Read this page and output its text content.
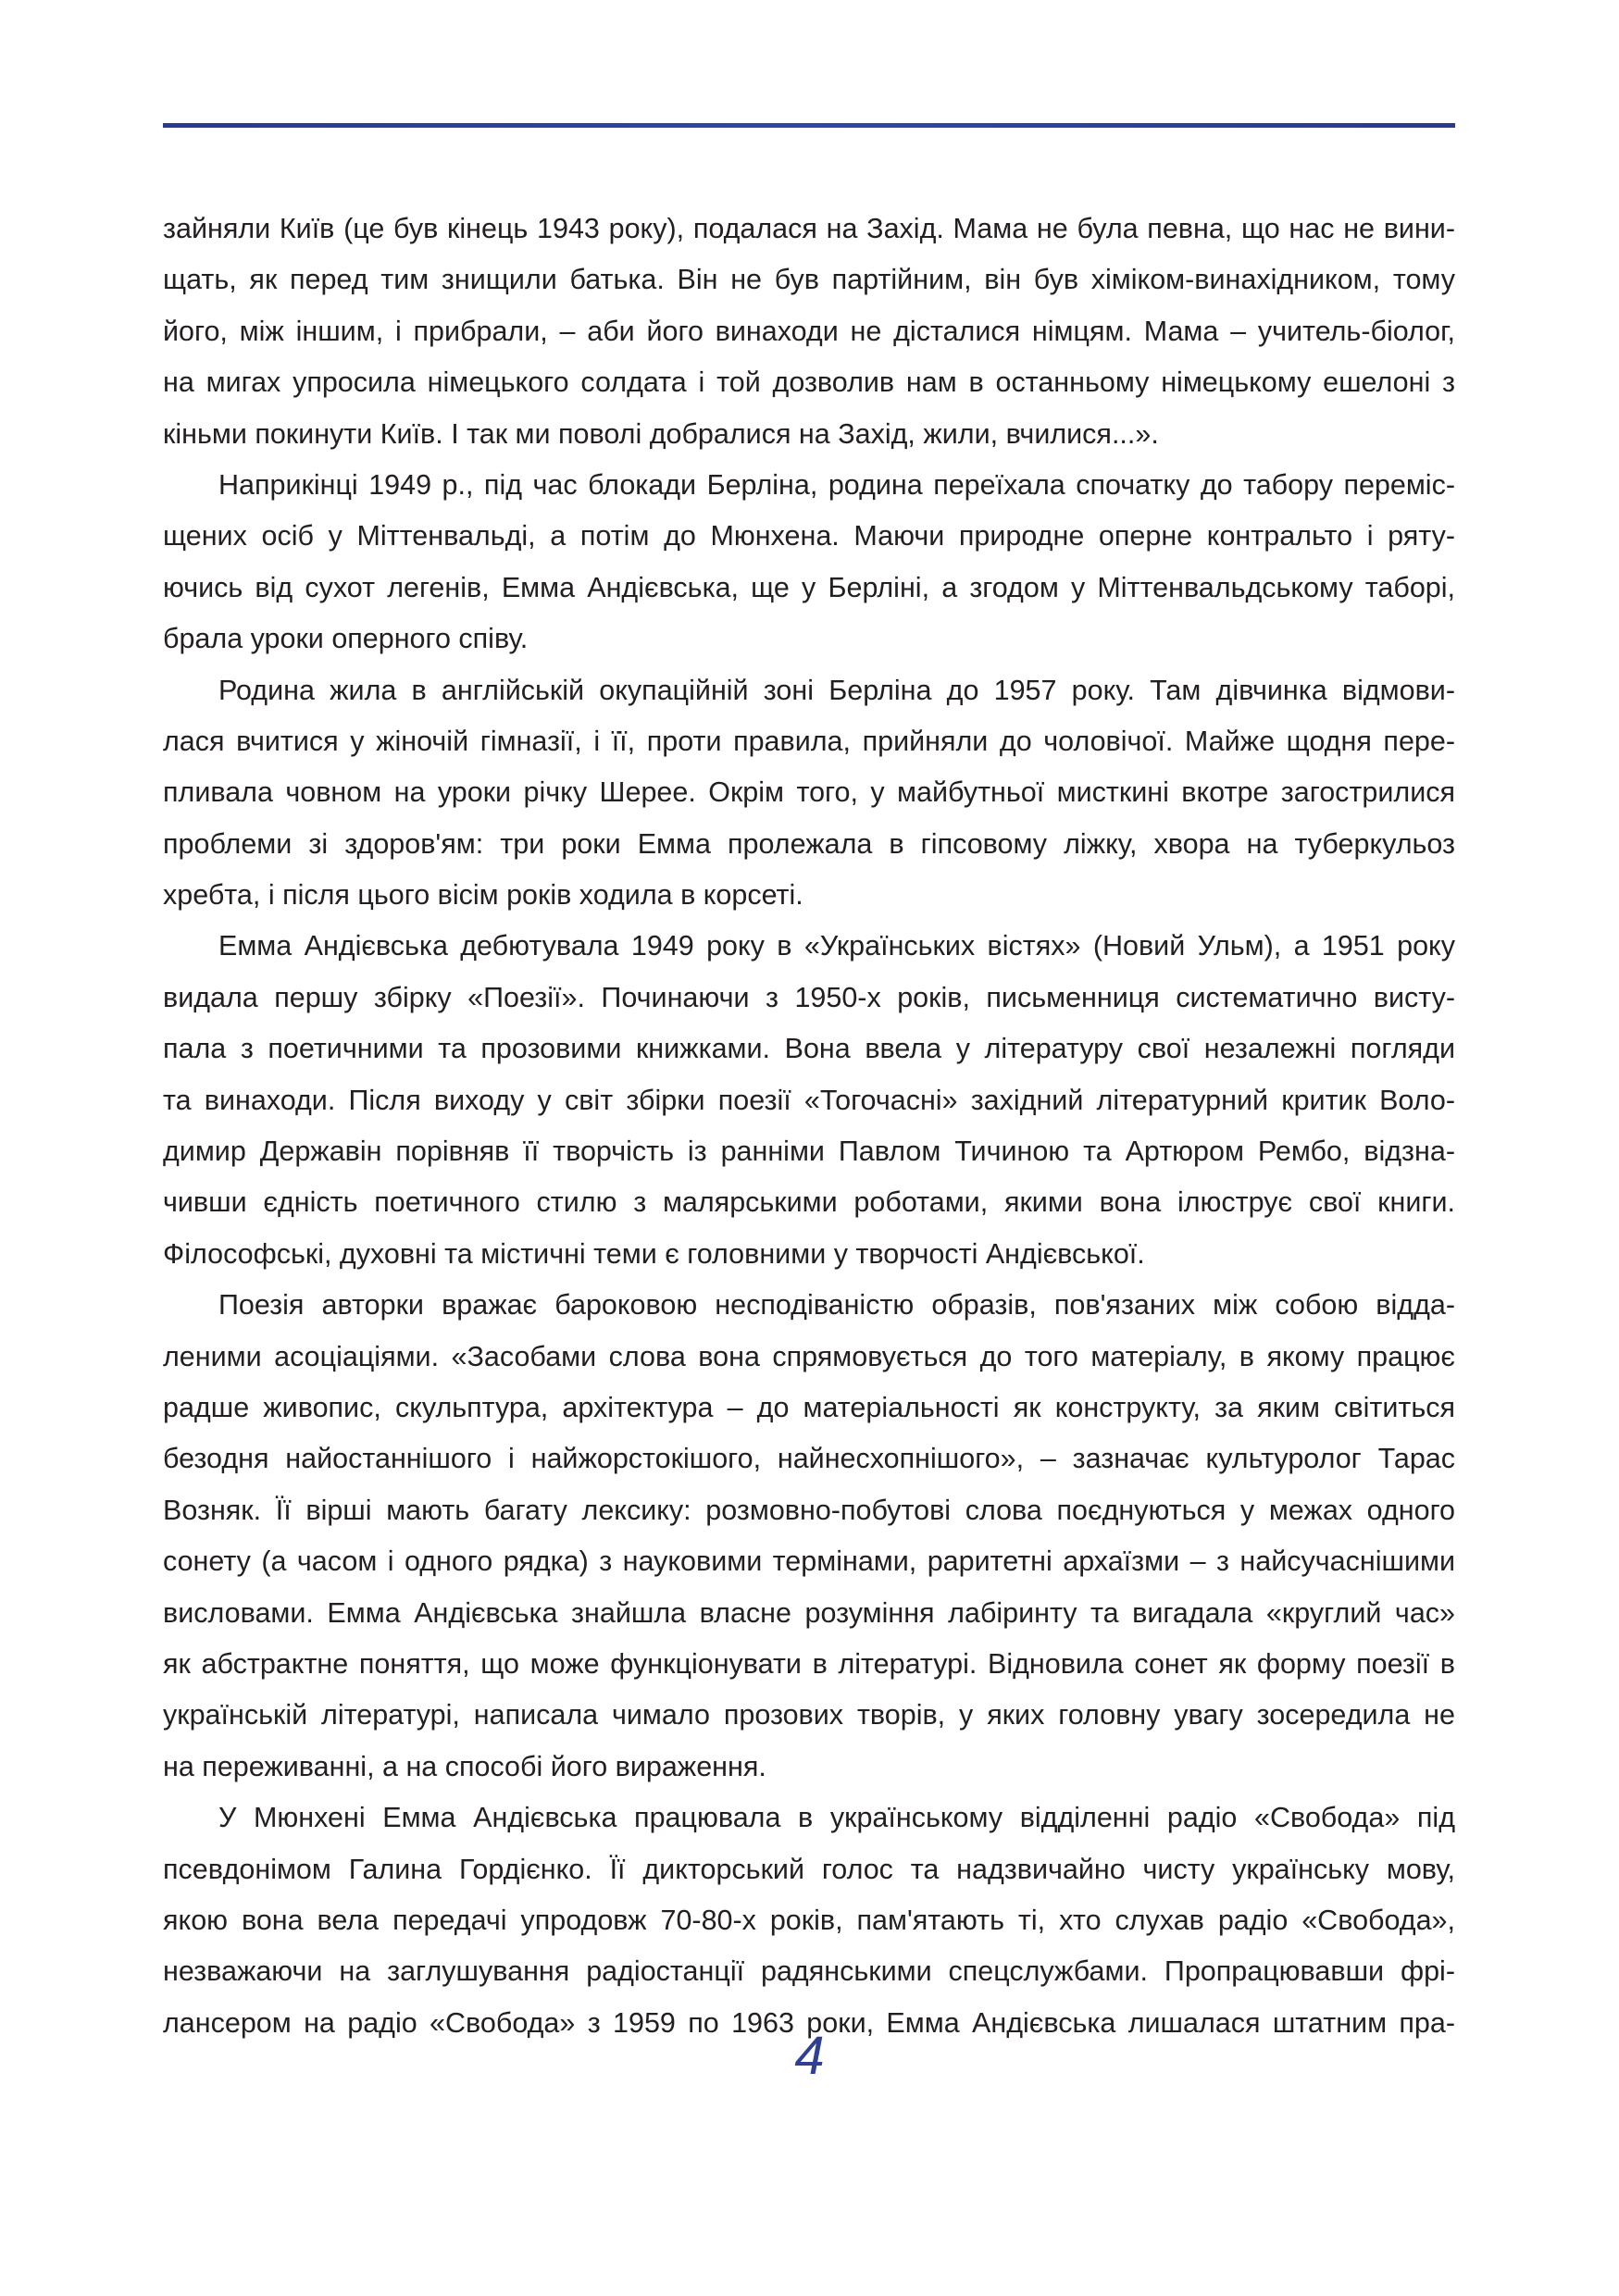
зайняли Київ (це був кінець 1943 року), подалася на Захід. Мама не була певна, що нас не вини-
щать, як перед тим знищили батька. Він не був партійним, він був хіміком-винахідником, тому
його, між іншим, і прибрали, – аби його винаходи не дісталися німцям. Мама – учитель-біолог,
на мигах упросила німецького солдата і той дозволив нам в останньому німецькому ешелоні з
кіньми покинути Київ. І так ми поволі добралися на Захід, жили, вчилися...».
Наприкінці 1949 р., під час блокади Берліна, родина переїхала спочатку до табору переміс-
щених осіб у Міттенвальді, а потім до Мюнхена. Маючи природне оперне контральто і ряту-
ючись від сухот легенів, Емма Андієвська, ще у Берліні, а згодом у Міттенвальдському таборі,
брала уроки оперного співу.
Родина жила в англійській окупаційній зоні Берліна до 1957 року. Там дівчинка відмови-
лася вчитися у жіночій гімназії, і її, проти правила, прийняли до чоловічої. Майже щодня пере-
пливала човном на уроки річку Шерее. Окрім того, у майбутньої мисткині вкотре загострилися
проблеми зі здоров'ям: три роки Емма пролежала в гіпсовому ліжку, хвора на туберкульоз
хребта, і після цього вісім років ходила в корсеті.
Емма Андієвська дебютувала 1949 року в «Українських вістях» (Новий Ульм), а 1951 року
видала першу збірку «Поезії». Починаючи з 1950-х років, письменниця систематично висту-
пала з поетичними та прозовими книжками. Вона ввела у літературу свої незалежні погляди
та винаходи. Після виходу у світ збірки поезії «Тогочасні» західний літературний критик Воло-
димир Державін порівняв її творчість із ранніми Павлом Тичиною та Артюром Рембо, відзна-
чивши єдність поетичного стилю з малярськими роботами, якими вона ілюструє свої книги.
Філософські, духовні та містичні теми є головними у творчості Андієвської.
Поезія авторки вражає бароковою несподіваністю образів, пов'язаних між собою відда-
леними асоціаціями. «Засобами слова вона спрямовується до того матеріалу, в якому працює
радше живопис, скульптура, архітектура – до матеріальності як конструкту, за яким світиться
безодня найостаннішого і найжорстокішого, найнесхопнішого», – зазначає культуролог Тарас
Возняк. Її вірші мають багату лексику: розмовно-побутові слова поєднуються у межах одного
сонету (а часом і одного рядка) з науковими термінами, раритетні архаїзми – з найсучаснішими
висловами. Емма Андієвська знайшла власне розуміння лабіринту та вигадала «круглий час»
як абстрактне поняття, що може функціонувати в літературі. Відновила сонет як форму поезії в
українській літературі, написала чимало прозових творів, у яких головну увагу зосередила не
на переживанні, а на способі його вираження.
У Мюнхені Емма Андієвська працювала в українському відділенні радіо «Свобода» під
псевдонімом Галина Гордієнко. Її дикторський голос та надзвичайно чисту українську мову,
якою вона вела передачі упродовж 70-80-х років, пам'ятають ті, хто слухав радіо «Свобода»,
незважаючи на заглушування радіостанції радянськими спецслужбами. Пропрацювавши фрі-
лансером на радіо «Свобода» з 1959 по 1963 роки, Емма Андієвська лишалася штатним пра-
4
